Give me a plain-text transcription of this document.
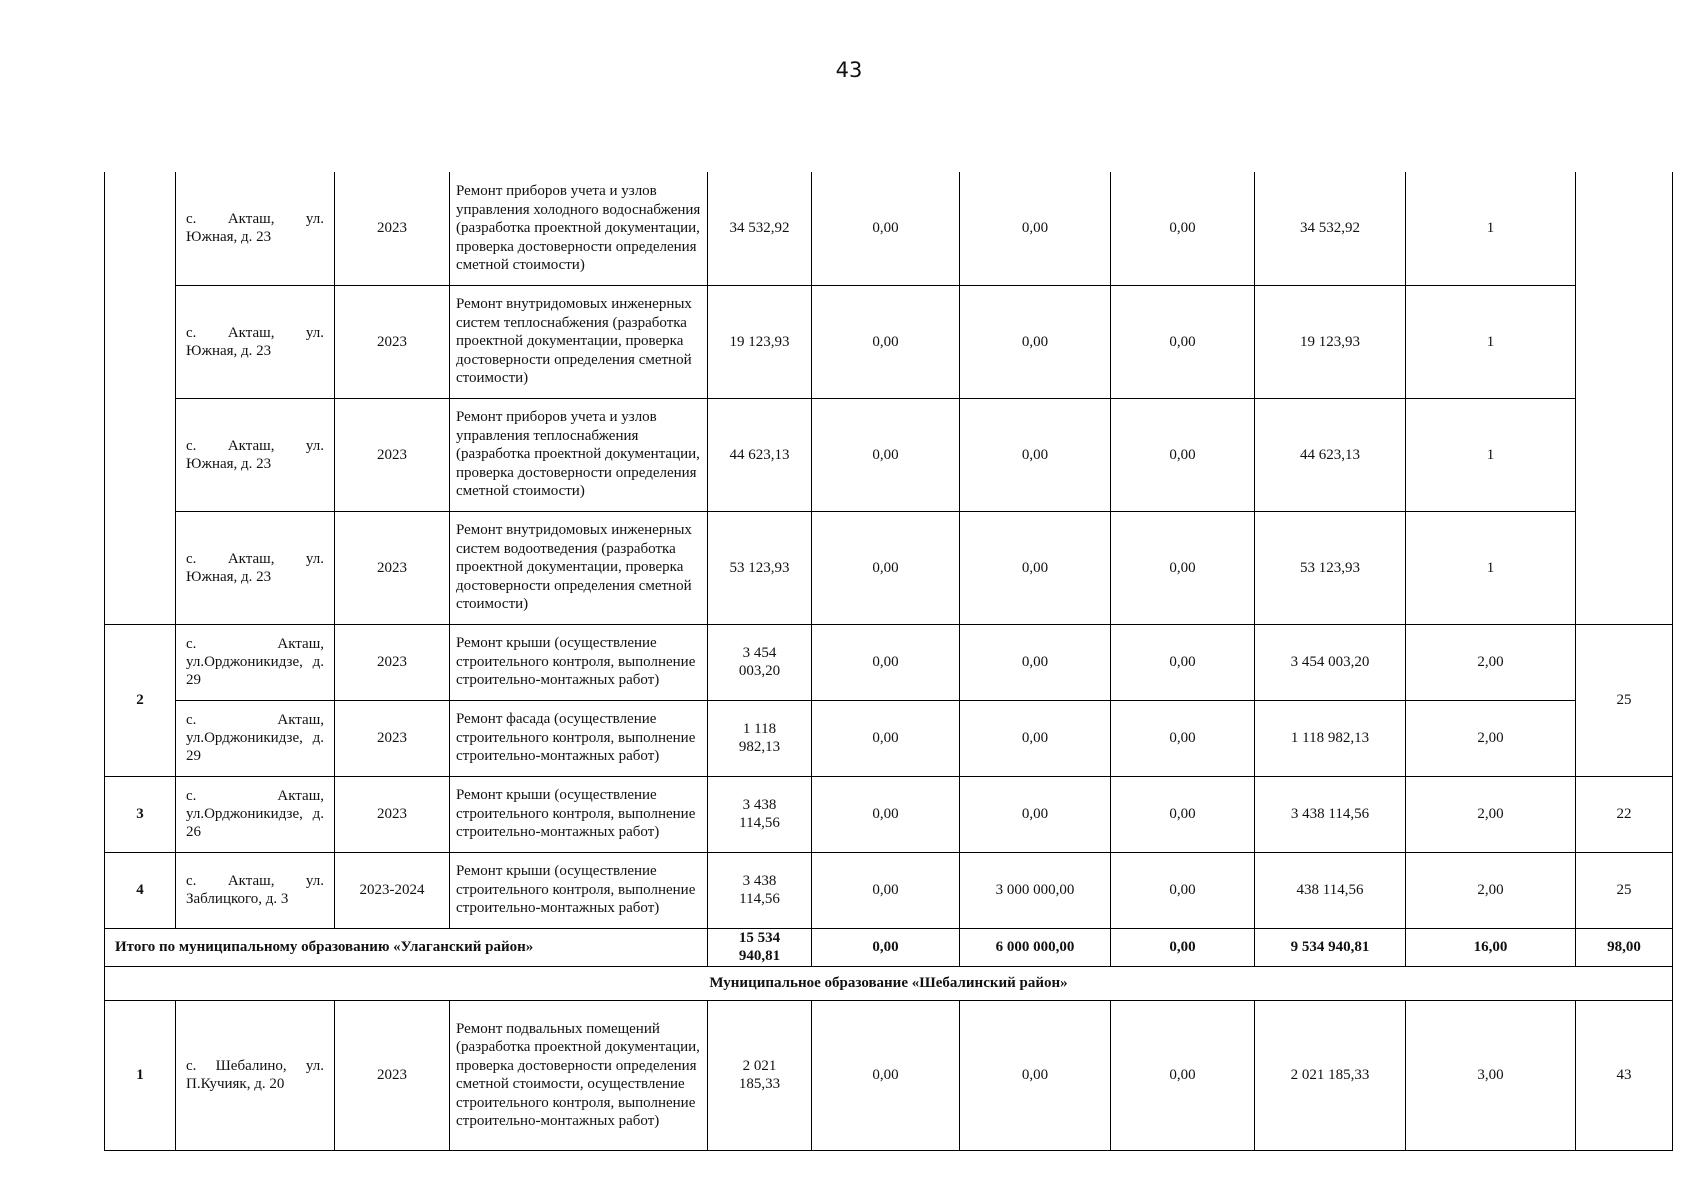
43
	с. Акташ, ул.
Южная, д. 23	2023	Ремонт приборов учета и узлов управления холодного водоснабжения (разработка проектной документации, проверка достоверности определения сметной стоимости)	34 532,92	0,00	0,00	0,00	34 532,92	1	
	с. Акташ, ул.
Южная, д. 23	2023	Ремонт внутридомовых инженерных систем теплоснабжения (разработка проектной документации, проверка достоверности определения сметной стоимости)	19 123,93	0,00	0,00	0,00	19 123,93	1	
	с. Акташ, ул.
Южная, д. 23	2023	Ремонт приборов учета и узлов управления теплоснабжения (разработка проектной документации, проверка достоверности определения сметной стоимости)	44 623,13	0,00	0,00	0,00	44 623,13	1	
	с. Акташ, ул.
Южная, д. 23	2023	Ремонт внутридомовых инженерных систем водоотведения (разработка проектной документации, проверка достоверности определения сметной стоимости)	53 123,93	0,00	0,00	0,00	53 123,93	1	
2	с. Акташ, ул.Орджоникидзе, д.
29	2023	Ремонт крыши (осуществление строительного контроля, выполнение строительно-монтажных работ)	3 454
003,20	0,00	0,00	0,00	3 454 003,20	2,00	25
	с. Акташ, ул.Орджоникидзе, д.
29	2023	Ремонт фасада (осуществление строительного контроля, выполнение строительно-монтажных работ)	1 118
982,13	0,00	0,00	0,00	1 118 982,13	2,00	
3	с. Акташ, ул.Орджоникидзе, д.
26	2023	Ремонт крыши (осуществление строительного контроля, выполнение строительно-монтажных работ)	3 438
114,56	0,00	0,00	0,00	3 438 114,56	2,00	22
4	с. Акташ, ул.
Заблицкого, д. 3	2023-2024	Ремонт крыши (осуществление строительного контроля, выполнение строительно-монтажных работ)	3 438
114,56	0,00	3 000 000,00	0,00	438 114,56	2,00	25
Итого по муниципальному образованию «Улаганский район»				15 534
940,81	0,00	6 000 000,00	0,00	9 534 940,81	16,00	98,00
Муниципальное образование «Шебалинский район»										
1	с. Шебалино, ул.
П.Кучияк, д. 20	2023	Ремонт подвальных помещений (разработка проектной документации, проверка достоверности определения сметной стоимости, осуществление строительного контроля, выполнение строительно-монтажных работ)	2 021
185,33	0,00	0,00	0,00	2 021 185,33	3,00	43
